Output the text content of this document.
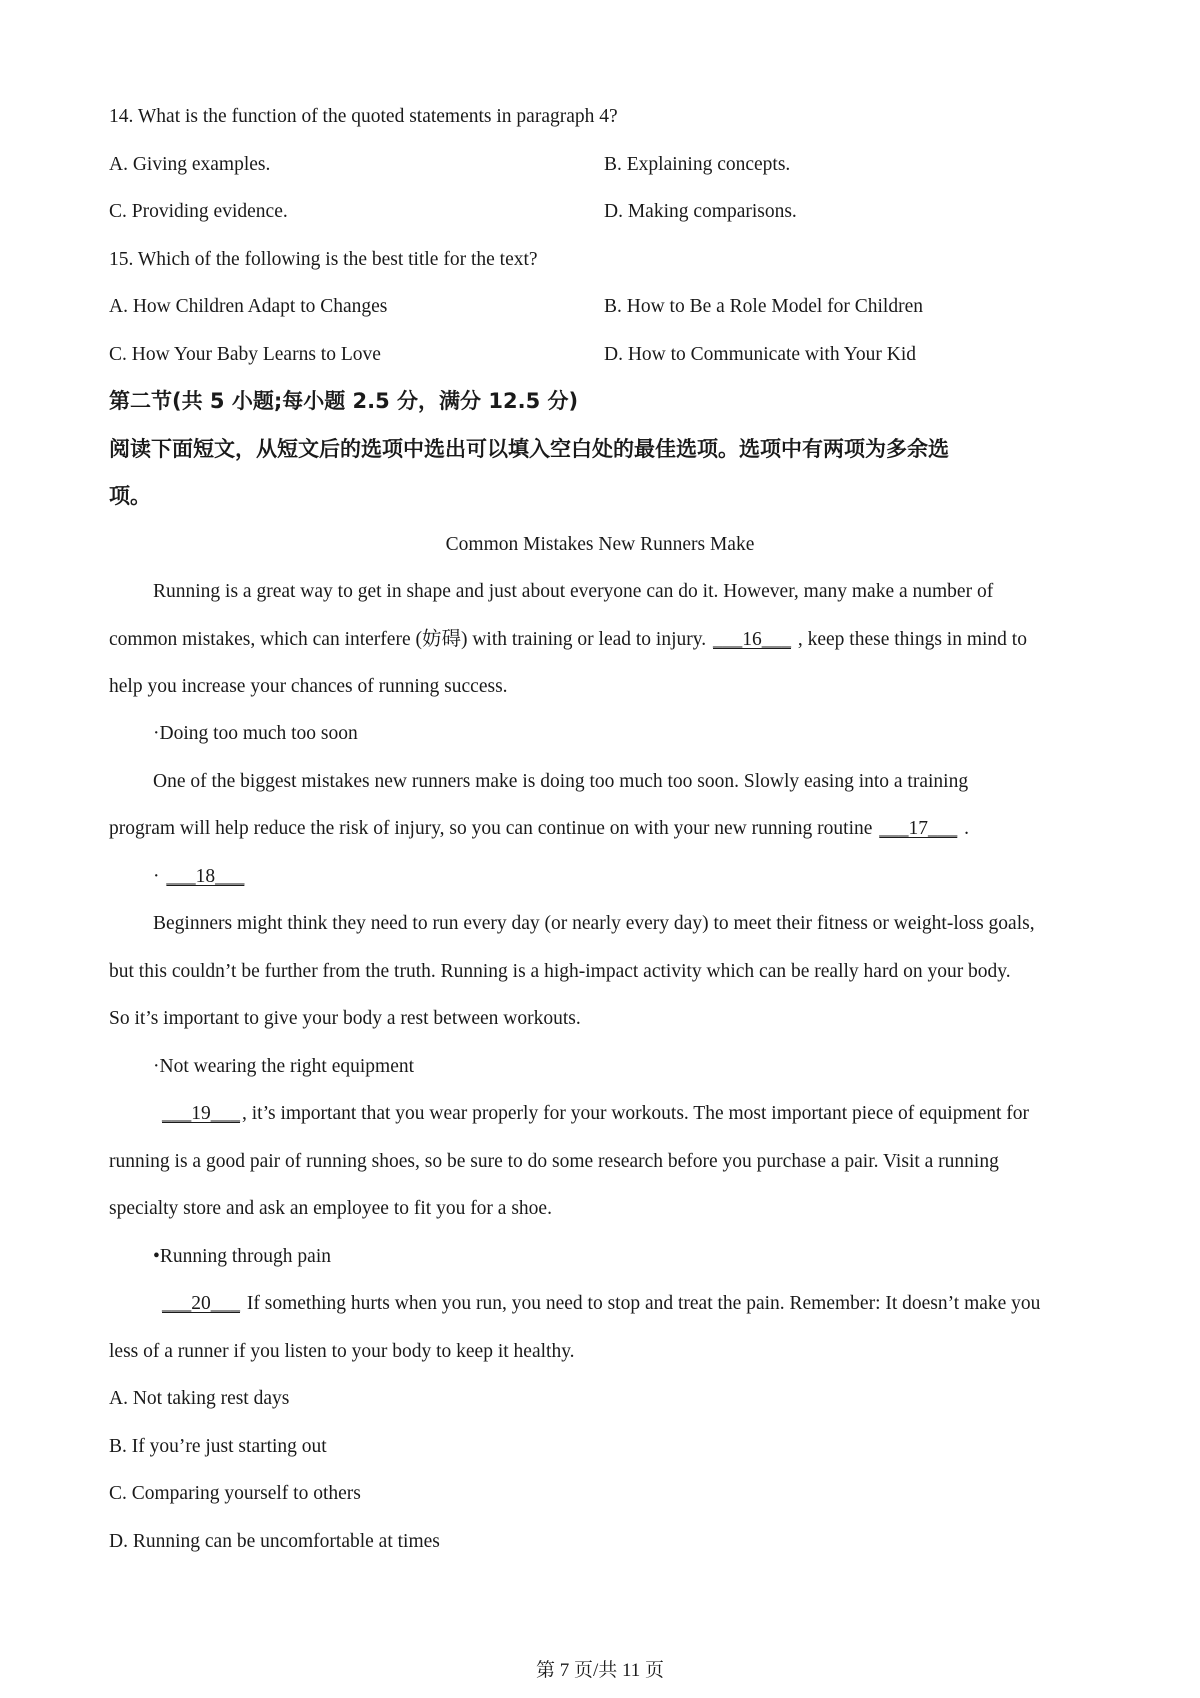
14. What is the function of the quoted statements in paragraph 4?
A. Giving examples.	B. Explaining concepts.
C. Providing evidence.	D. Making comparisons.
15. Which of the following is the best title for the text?
A. How Children Adapt to Changes	B. How to Be a Role Model for Children
C. How Your Baby Learns to Love	D. How to Communicate with Your Kid
第二节(共 5 小题;每小题 2.5 分，满分 12.5 分)
阅读下面短文，从短文后的选项中选出可以填入空白处的最佳选项。选项中有两项为多余选
项。
Common Mistakes New Runners Make
Running is a great way to get in shape and just about everyone can do it. However, many make a number of
common mistakes, which can interfere (妨碍) with training or lead to injury. ___16___ , keep these things in mind to
help you increase your chances of running success.
·Doing too much too soon
One of the biggest mistakes new runners make is doing too much too soon. Slowly easing into a training
program will help reduce the risk of injury, so you can continue on with your new running routine ___17___ .
· ___18___
Beginners might think they need to run every day (or nearly every day) to meet their fitness or weight-loss goals,
but this couldn’t be further from the truth. Running is a high-impact activity which can be really hard on your body.
So it’s important to give your body a rest between workouts.
·Not wearing the right equipment
___19___ , it’s important that you wear properly for your workouts. The most important piece of equipment for
running is a good pair of running shoes, so be sure to do some research before you purchase a pair. Visit a running
specialty store and ask an employee to fit you for a shoe.
•Running through pain
___20___ If something hurts when you run, you need to stop and treat the pain. Remember: It doesn’t make you
less of a runner if you listen to your body to keep it healthy.
A. Not taking rest days
B. If you’re just starting out
C. Comparing yourself to others
D. Running can be uncomfortable at times
第 7 页/共 11 页
